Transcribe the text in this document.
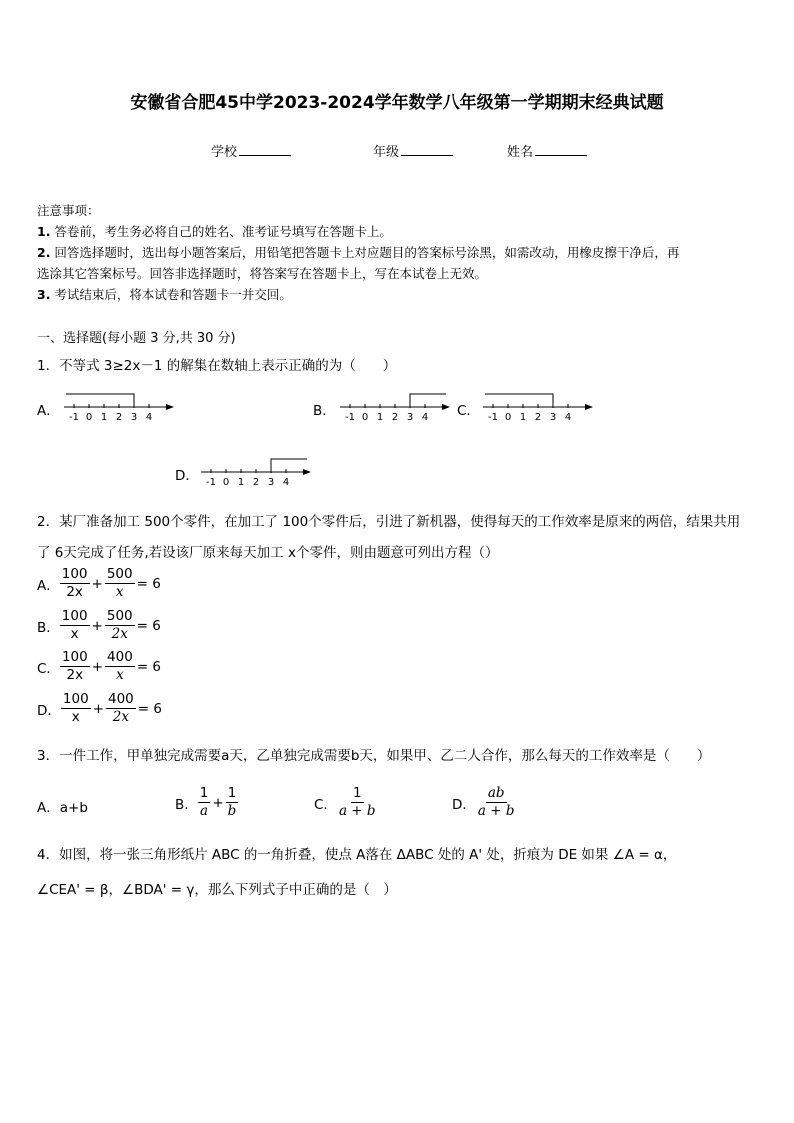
安徽省合肥45中学2023-2024学年数学八年级第一学期期末经典试题
学校	年级	姓名
注意事项：
1. 答卷前，考生务必将自己的姓名、准考证号填写在答题卡上。
2. 回答选择题时，选出每小题答案后，用铅笔把答题卡上对应题目的答案标号涂黑，如需改动，用橡皮擦干净后，再
选涂其它答案标号。回答非选择题时，将答案写在答题卡上，写在本试卷上无效。
3. 考试结束后，将本试卷和答题卡一并交回。
一、选择题(每小题 3 分,共 30 分)
1．不等式 3≥2x－1 的解集在数轴上表示正确的为（　　）
A． -1 0 1 2 3 4	B． -1 0 1 2 3 4 C． -1 0 1 2 3 4
D． -1 0 1 2 3 4
2．某厂准备加工 500个零件，在加工了 100个零件后，引进了新机器，使得每天的工作效率是原来的两倍，结果共用
了 6天完成了任务,若设该厂原来每天加工 x个零件，则由题意可列出方程（）
A． $\frac{100}{2x} + \frac{500}{x} = 6$
B． $\frac{100}{x} + \frac{500}{2x} = 6$
C． $\frac{100}{2x} + \frac{400}{x} = 6$
D． $\frac{100}{x} + \frac{400}{2x} = 6$
3．一件工作，甲单独完成需要a天，乙单独完成需要b天，如果甲、乙二人合作，那么每天的工作效率是（　　）
A．a+b	B． $\frac{1}{a} + \frac{1}{b}$	C． $\frac{1}{a + b}$	D． $\frac{ab}{a + b}$
4．如图，将一张三角形纸片 ABC 的一角折叠，使点 A落在 ΔABC 处的 A' 处，折痕为 DE 如果 ∠A = α，
∠CEA' = β，∠BDA' = γ，那么下列式子中正确的是（　）
